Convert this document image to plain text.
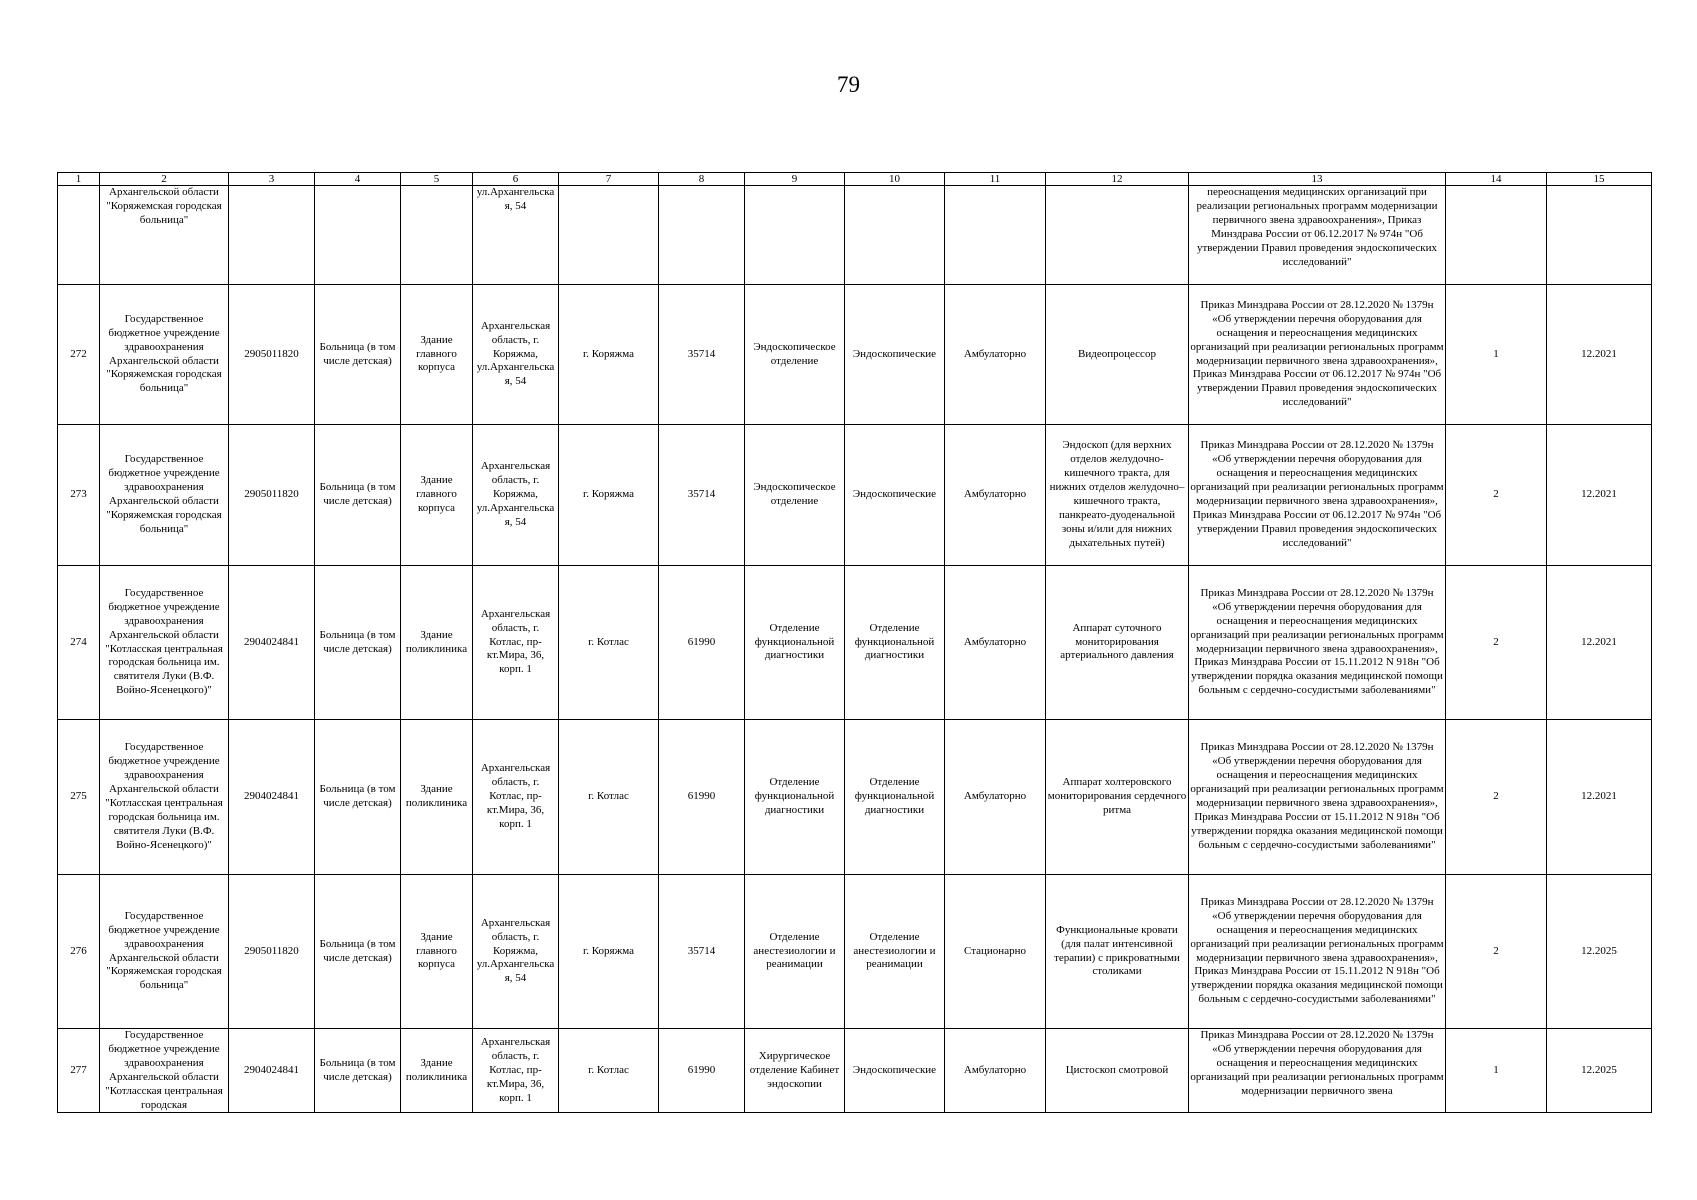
79
1	2	3	4	5	6	7	8	9	10	11	12	13	14	15
	Архангельской области "Коряжемская городская больница"				ул.Архангельска я, 54							переоснащения медицинских организаций при реализации региональных программ модернизации первичного звена здравоохранения», Приказ Минздрава России от 06.12.2017 № 974н "Об утверждении Правил проведения эндоскопических исследований"		
272	Государственное бюджетное учреждение здравоохранения Архангельской области "Коряжемская городская больница"	2905011820	Больница (в том числе детская)	Здание главного корпуса	Архангельская область, г. Коряжма, ул.Архангельска я, 54	г. Коряжма	35714	Эндоскопическое отделение	Эндоскопические	Амбулаторно	Видеопроцессор	Приказ Минздрава России от 28.12.2020 № 1379н «Об утверждении перечня оборудования для оснащения и переоснащения медицинских организаций при реализации региональных программ модернизации первичного звена здравоохранения», Приказ Минздрава России от 06.12.2017 № 974н "Об утверждении Правил проведения эндоскопических исследований"	1	12.2021
273	Государственное бюджетное учреждение здравоохранения Архангельской области "Коряжемская городская больница"	2905011820	Больница (в том числе детская)	Здание главного корпуса	Архангельская область, г. Коряжма, ул.Архангельска я, 54	г. Коряжма	35714	Эндоскопическое отделение	Эндоскопические	Амбулаторно	Эндоскоп (для верхних отделов желудочно-кишечного тракта, для нижних отделов желудочно–кишечного тракта, панкреато-дуоденальной зоны и/или для нижних дыхательных путей)	Приказ Минздрава России от 28.12.2020 № 1379н «Об утверждении перечня оборудования для оснащения и переоснащения медицинских организаций при реализации региональных программ модернизации первичного звена здравоохранения», Приказ Минздрава России от 06.12.2017 № 974н "Об утверждении Правил проведения эндоскопических исследований"	2	12.2021
274	Государственное бюджетное учреждение здравоохранения Архангельской области "Котласская центральная городская больница им. святителя Луки (В.Ф. Войно-Ясенецкого)"	2904024841	Больница (в том числе детская)	Здание поликлиника	Архангельская область, г. Котлас, пр-кт.Мира, 36, корп. 1	г. Котлас	61990	Отделение функциональной диагностики	Отделение функциональной диагностики	Амбулаторно	Аппарат суточного мониторирования артериального давления	Приказ Минздрава России от 28.12.2020 № 1379н «Об утверждении перечня оборудования для оснащения и переоснащения медицинских организаций при реализации региональных программ модернизации первичного звена здравоохранения», Приказ Минздрава России от 15.11.2012 N 918н "Об утверждении порядка оказания медицинской помощи больным с сердечно-сосудистыми заболеваниями"	2	12.2021
275	Государственное бюджетное учреждение здравоохранения Архангельской области "Котласская центральная городская больница им. святителя Луки (В.Ф. Войно-Ясенецкого)"	2904024841	Больница (в том числе детская)	Здание поликлиника	Архангельская область, г. Котлас, пр-кт.Мира, 36, корп. 1	г. Котлас	61990	Отделение функциональной диагностики	Отделение функциональной диагностики	Амбулаторно	Аппарат холтеровского мониторирования сердечного ритма	Приказ Минздрава России от 28.12.2020 № 1379н «Об утверждении перечня оборудования для оснащения и переоснащения медицинских организаций при реализации региональных программ модернизации первичного звена здравоохранения», Приказ Минздрава России от 15.11.2012 N 918н "Об утверждении порядка оказания медицинской помощи больным с сердечно-сосудистыми заболеваниями"	2	12.2021
276	Государственное бюджетное учреждение здравоохранения Архангельской области "Коряжемская городская больница"	2905011820	Больница (в том числе детская)	Здание главного корпуса	Архангельская область, г. Коряжма, ул.Архангельска я, 54	г. Коряжма	35714	Отделение анестезиологии и реанимации	Отделение анестезиологии и реанимации	Стационарно	Функциональные кровати (для палат интенсивной терапии) с прикроватными столиками	Приказ Минздрава России от 28.12.2020 № 1379н «Об утверждении перечня оборудования для оснащения и переоснащения медицинских организаций при реализации региональных программ модернизации первичного звена здравоохранения», Приказ Минздрава России от 15.11.2012 N 918н "Об утверждении порядка оказания медицинской помощи больным с сердечно-сосудистыми заболеваниями"	2	12.2025
277	Государственное бюджетное учреждение здравоохранения Архангельской области "Котласская центральная городская	2904024841	Больница (в том числе детская)	Здание поликлиника	Архангельская область, г. Котлас, пр-кт.Мира, 36, корп. 1	г. Котлас	61990	Хирургическое отделение Кабинет эндоскопии	Эндоскопические	Амбулаторно	Цистоскоп смотровой	Приказ Минздрава России от 28.12.2020 № 1379н «Об утверждении перечня оборудования для оснащения и переоснащения медицинских организаций при реализации региональных программ модернизации первичного звена	1	12.2025
